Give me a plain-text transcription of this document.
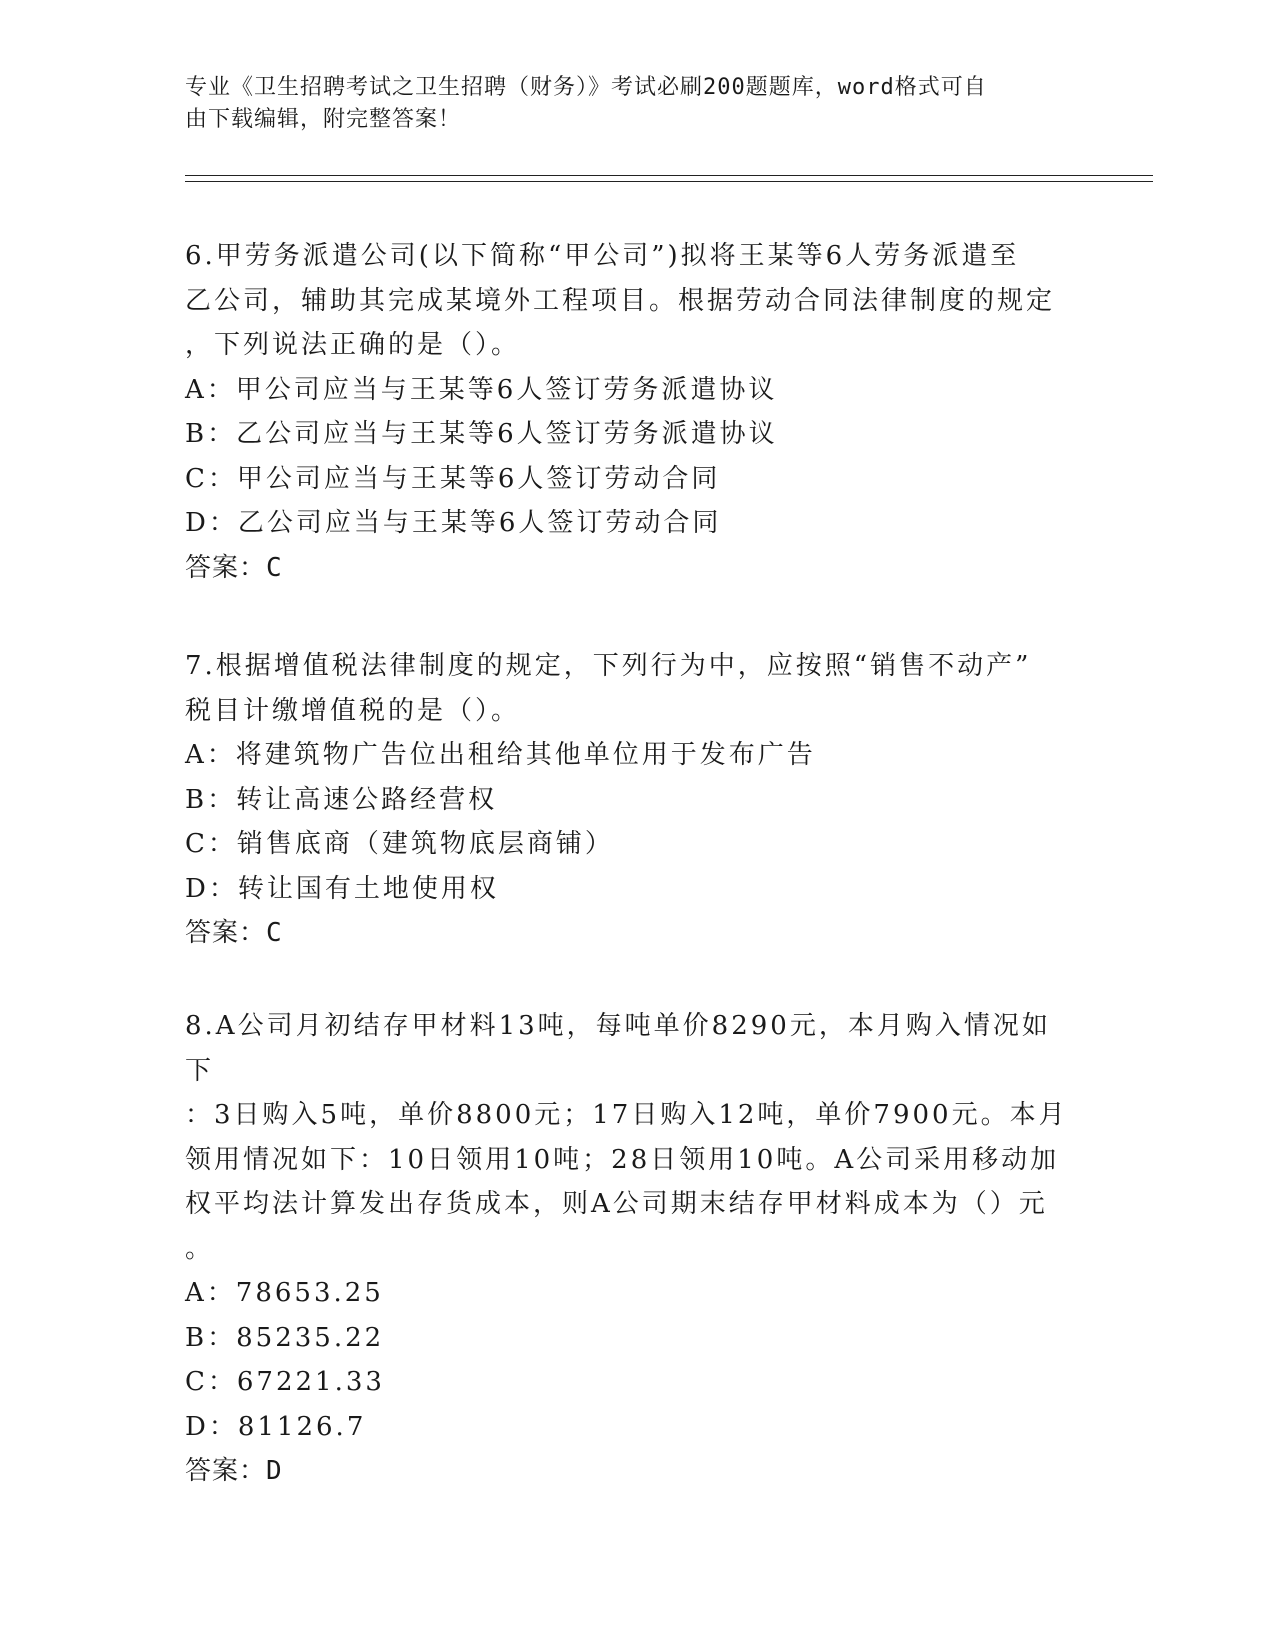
专业《卫生招聘考试之卫生招聘（财务）》考试必刷200题题库，word格式可自
由下载编辑，附完整答案！
6.甲劳务派遣公司(以下简称“甲公司”)拟将王某等6人劳务派遣至
乙公司，辅助其完成某境外工程项目。根据劳动合同法律制度的规定
，下列说法正确的是（）。
A：甲公司应当与王某等6人签订劳务派遣协议
B：乙公司应当与王某等6人签订劳务派遣协议
C：甲公司应当与王某等6人签订劳动合同
D：乙公司应当与王某等6人签订劳动合同
答案：C
7.根据增值税法律制度的规定，下列行为中，应按照“销售不动产”
税目计缴增值税的是（）。
A：将建筑物广告位出租给其他单位用于发布广告
B：转让高速公路经营权
C：销售底商（建筑物底层商铺）
D：转让国有土地使用权
答案：C
8.A公司月初结存甲材料13吨，每吨单价8290元，本月购入情况如下
：3日购入5吨，单价8800元；17日购入12吨，单价7900元。本月
领用情况如下：10日领用10吨；28日领用10吨。A公司采用移动加
权平均法计算发出存货成本，则A公司期末结存甲材料成本为（）元
。
A：78653.25
B：85235.22
C：67221.33
D：81126.7
答案：D
